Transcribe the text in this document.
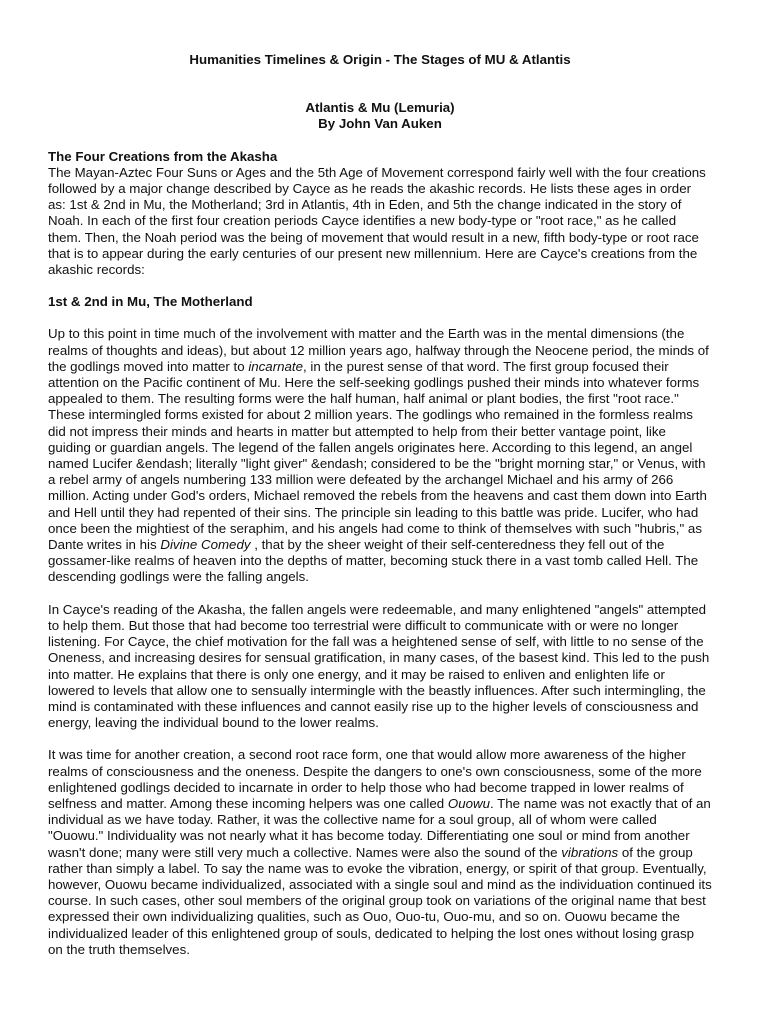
Humanities Timelines & Origin - The Stages of MU & Atlantis

Atlantis & Mu (Lemuria)

By John Van Auken

The Four Creations from the Akasha

The Mayan-Aztec Four Suns or Ages and the 5th Age of Movement correspond fairly well with the four creations followed by a major change described by Cayce as he reads the akashic records. He lists these ages in order as: 1st & 2nd in Mu, the Motherland; 3rd in Atlantis, 4th in Eden, and 5th the change indicated in the story of Noah. In each of the first four creation periods Cayce identifies a new body-type or "root race," as he called them. Then, the Noah period was the being of movement that would result in a new, fifth body-type or root race that is to appear during the early centuries of our present new millennium. Here are Cayce's creations from the akashic records:

1st & 2nd in Mu, The Motherland

Up to this point in time much of the involvement with matter and the Earth was in the mental dimensions (the realms of thoughts and ideas), but about 12 million years ago, halfway through the Neocene period, the minds of the godlings moved into matter to incarnate, in the purest sense of that word. The first group focused their attention on the Pacific continent of Mu. Here the self-seeking godlings pushed their minds into whatever forms appealed to them. The resulting forms were the half human, half animal or plant bodies, the first "root race." These intermingled forms existed for about 2 million years. The godlings who remained in the formless realms did not impress their minds and hearts in matter but attempted to help from their better vantage point, like guiding or guardian angels. The legend of the fallen angels originates here. According to this legend, an angel named Lucifer &endash; literally "light giver" &endash; considered to be the "bright morning star," or Venus, with a rebel army of angels numbering 133 million were defeated by the archangel Michael and his army of 266 million. Acting under God's orders, Michael removed the rebels from the heavens and cast them down into Earth and Hell until they had repented of their sins. The principle sin leading to this battle was pride. Lucifer, who had once been the mightiest of the seraphim, and his angels had come to think of themselves with such "hubris," as Dante writes in his Divine Comedy , that by the sheer weight of their self-centeredness they fell out of the gossamer-like realms of heaven into the depths of matter, becoming stuck there in a vast tomb called Hell. The descending godlings were the falling angels.

In Cayce's reading of the Akasha, the fallen angels were redeemable, and many enlightened "angels" attempted to help them. But those that had become too terrestrial were difficult to communicate with or were no longer listening. For Cayce, the chief motivation for the fall was a heightened sense of self, with little to no sense of the Oneness, and increasing desires for sensual gratification, in many cases, of the basest kind. This led to the push into matter. He explains that there is only one energy, and it may be raised to enliven and enlighten life or lowered to levels that allow one to sensually intermingle with the beastly influences. After such intermingling, the mind is contaminated with these influences and cannot easily rise up to the higher levels of consciousness and energy, leaving the individual bound to the lower realms.

It was time for another creation, a second root race form, one that would allow more awareness of the higher realms of consciousness and the oneness. Despite the dangers to one's own consciousness, some of the more enlightened godlings decided to incarnate in order to help those who had become trapped in lower realms of selfness and matter. Among these incoming helpers was one called Ouowu. The name was not exactly that of an individual as we have today. Rather, it was the collective name for a soul group, all of whom were called "Ouowu." Individuality was not nearly what it has become today. Differentiating one soul or mind from another wasn't done; many were still very much a collective. Names were also the sound of the vibrations of the group rather than simply a label. To say the name was to evoke the vibration, energy, or spirit of that group. Eventually, however, Ouowu became individualized, associated with a single soul and mind as the individuation continued its course. In such cases, other soul members of the original group took on variations of the original name that best expressed their own individualizing qualities, such as Ouo, Ouo-tu, Ouo-mu, and so on. Ouowu became the individualized leader of this enlightened group of souls, dedicated to helping the lost ones without losing grasp on the truth themselves.
